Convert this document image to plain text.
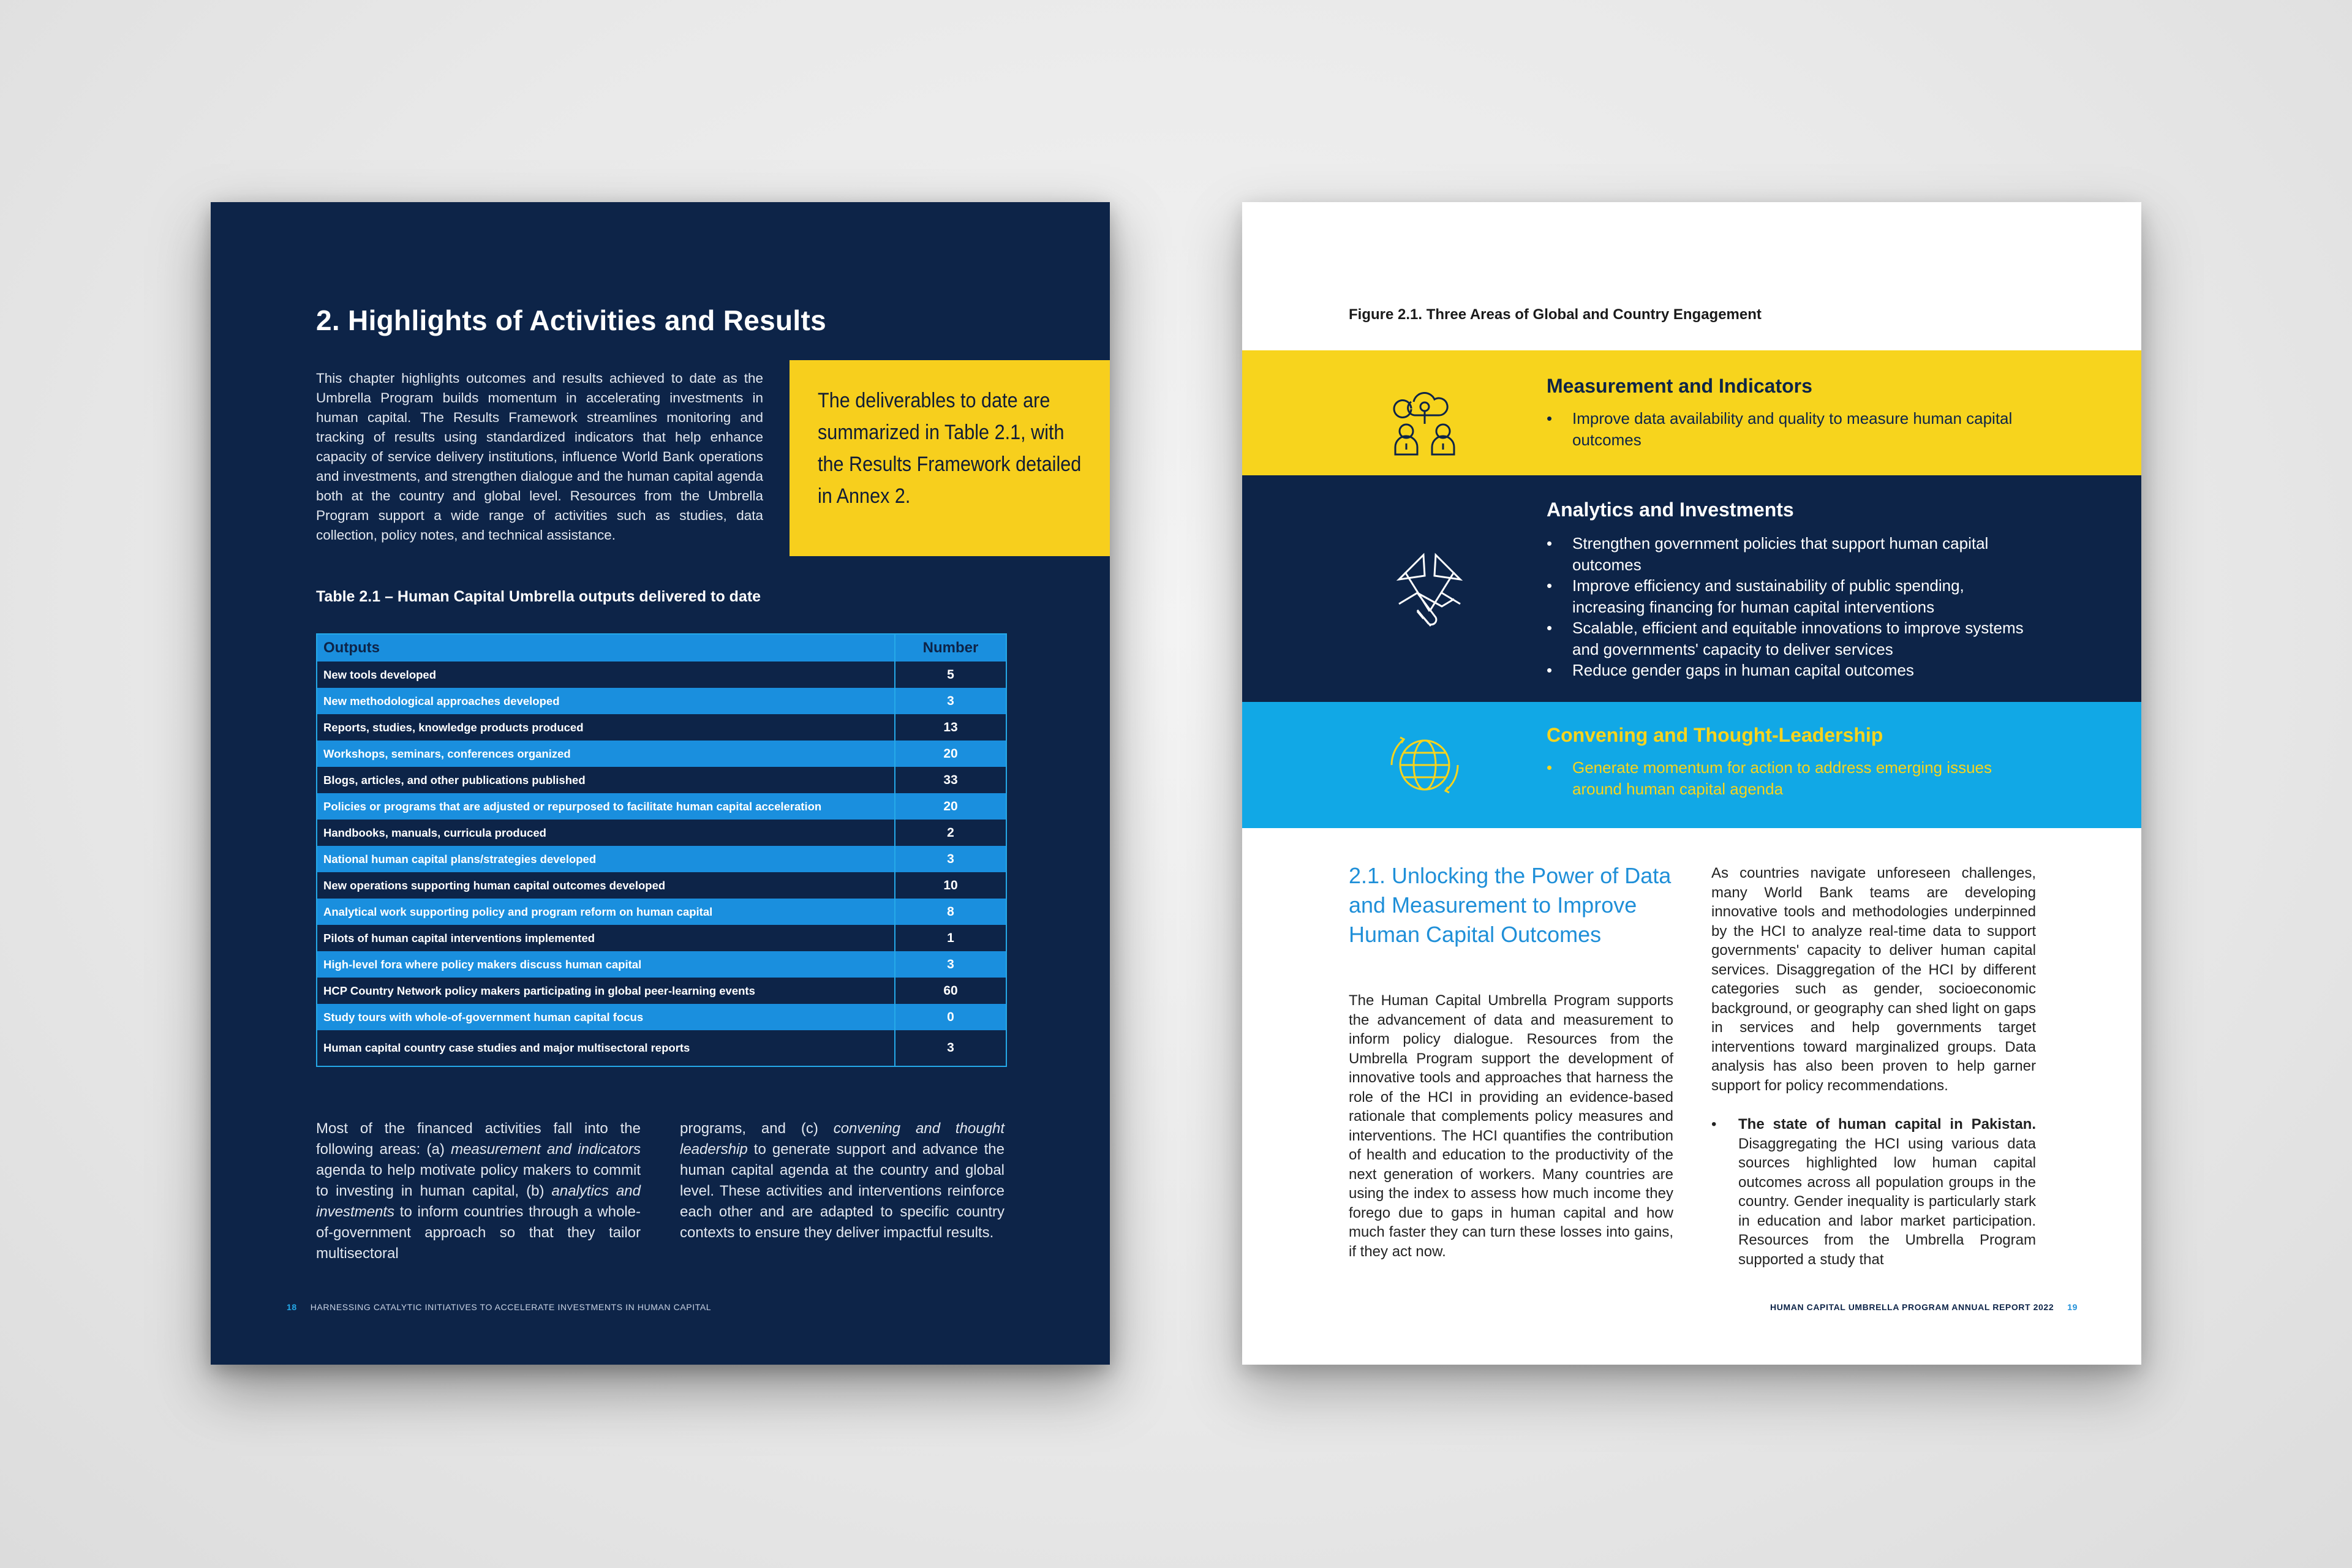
2. Highlights of Activities and Results
This chapter highlights outcomes and results achieved to date as the Umbrella Program builds momentum in accelerating investments in human capital. The Results Framework streamlines monitoring and tracking of results using standardized indicators that help enhance capacity of service delivery institutions, influence World Bank operations and investments, and strengthen dialogue and the human capital agenda both at the country and global level. Resources from the Umbrella Program support a wide range of activities such as studies, data collection, policy notes, and technical assistance.
The deliverables to date are summarized in Table 2.1, with the Results Framework detailed in Annex 2.
Table 2.1 – Human Capital Umbrella outputs delivered to date
Outputs	Number
New tools developed	5
New methodological approaches developed	3
Reports, studies, knowledge products produced	13
Workshops, seminars, conferences organized	20
Blogs, articles, and other publications published	33
Policies or programs that are adjusted or repurposed to facilitate human capital acceleration	20
Handbooks, manuals, curricula produced	2
National human capital plans/strategies developed	3
New operations supporting human capital outcomes developed	10
Analytical work supporting policy and program reform on human capital	8
Pilots of human capital interventions implemented	1
High-level fora where policy makers discuss human capital	3
HCP Country Network policy makers participating in global peer-learning events	60
Study tours with whole-of-government human capital focus	0
Human capital country case studies and major multisectoral reports	3
Most of the financed activities fall into the following areas: (a) measurement and indicators agenda to help motivate policy makers to commit to investing in human capital, (b) analytics and investments to inform countries through a whole-of-government approach so that they tailor multisectoral
programs, and (c) convening and thought leadership to generate support and advance the human capital agenda at the country and global level. These activities and interventions reinforce each other and are adapted to specific country contexts to ensure they deliver impactful results.
18 HARNESSING CATALYTIC INITIATIVES TO ACCELERATE INVESTMENTS IN HUMAN CAPITAL
Figure 2.1. Three Areas of Global and Country Engagement
Measurement and Indicators
• Improve data availability and quality to measure human capital outcomes
Analytics and Investments
• Strengthen government policies that support human capital outcomes
• Improve efficiency and sustainability of public spending, increasing financing for human capital interventions
• Scalable, efficient and equitable innovations to improve systems and governments' capacity to deliver services
• Reduce gender gaps in human capital outcomes
Convening and Thought-Leadership
• Generate momentum for action to address emerging issues around human capital agenda
2.1. Unlocking the Power of Data and Measurement to Improve Human Capital Outcomes
The Human Capital Umbrella Program supports the advancement of data and measurement to inform policy dialogue. Resources from the Umbrella Program support the development of innovative tools and approaches that harness the role of the HCI in providing an evidence-based rationale that complements policy measures and interventions. The HCI quantifies the contribution of health and education to the productivity of the next generation of workers. Many countries are using the index to assess how much income they forego due to gaps in human capital and how much faster they can turn these losses into gains, if they act now.
As countries navigate unforeseen challenges, many World Bank teams are developing innovative tools and methodologies underpinned by the HCI to analyze real-time data to support governments' capacity to deliver human capital services. Disaggregation of the HCI by different categories such as gender, socioeconomic background, or geography can shed light on gaps in services and help governments target interventions toward marginalized groups. Data analysis has also been proven to help garner support for policy recommendations.
• The state of human capital in Pakistan. Disaggregating the HCI using various data sources highlighted low human capital outcomes across all population groups in the country. Gender inequality is particularly stark in education and labor market participation. Resources from the Umbrella Program supported a study that
HUMAN CAPITAL UMBRELLA PROGRAM ANNUAL REPORT 2022 19
